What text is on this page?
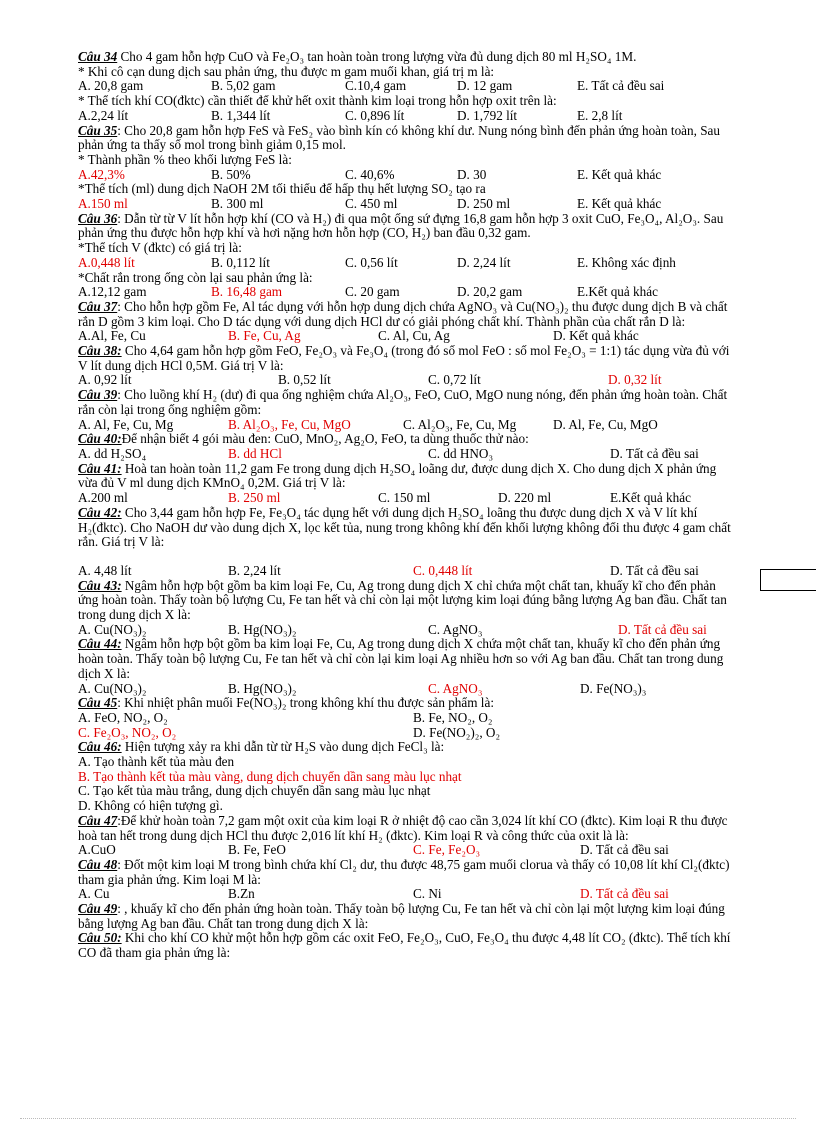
Câu 34 Cho 4 gam hỗn hợp CuO và Fe₂O₃ tan hoàn toàn trong lượng vừa đủ dung dịch 80 ml H₂SO₄ 1M.

* Khi cô cạn dung dịch sau phản ứng, thu được m gam muối khan, giá trị m là:

A. 20,8 gam	B. 5,02 gam	C.10,4 gam	D. 12 gam	E. Tất cả đều sai

* Thể tích khí CO(đktc) cần thiết để khử hết oxit thành kim loại trong hỗn hợp oxit trên là:

A.2,24 lít	B. 1,344 lít	C. 0,896 lít	D. 1,792 lít	E. 2,8 lít

Câu 35: Cho 20,8 gam hỗn hợp FeS và FeS₂ vào bình kín có không khí dư. Nung nóng bình đến phản ứng hoàn toàn, Sau phản ứng ta thấy số mol trong bình giảm 0,15 mol.

* Thành phần % theo khối lượng FeS là:

A.42,3%	B. 50%	C. 40,6%	D. 30	E. Kết quả khác

*Thể tích (ml) dung dịch NaOH 2M tối thiểu để hấp thụ hết lượng SO₂ tạo ra

A.150 ml	B. 300 ml	C. 450 ml	D. 250 ml	E. Kết quả khác

Câu 36: Dẫn từ từ V lít hỗn hợp khí (CO và H₂) đi qua một ống sứ đựng 16,8 gam hỗn hợp 3 oxit CuO, Fe₃O₄, Al₂O₃. Sau phản ứng thu được hỗn hợp khí và hơi nặng hơn hỗn hợp (CO, H₂) ban đầu 0,32 gam.

*Thể tích V (đktc) có giá trị là:

A.0,448 lít	B. 0,112 lít	C. 0,56 lít	D. 2,24 lít	E. Không xác định

*Chất rắn trong ống còn lại sau phản ứng là:

A.12,12 gam	B. 16,48 gam	C. 20 gam	D. 20,2 gam	E.Kết quả khác

Câu 37: Cho hỗn hợp gồm Fe, Al tác dụng với hỗn hợp dung dịch chứa AgNO₃ và Cu(NO₃)₂ thu được dung dịch B và chất rắn D gồm 3 kim loại. Cho D tác dụng với dung dịch HCl dư có giải phóng chất khí. Thành phần của chất rắn D là:

A.Al, Fe, Cu	B. Fe, Cu, Ag	C. Al, Cu, Ag	D. Kết quả khác

Câu 38: Cho 4,64 gam hỗn hợp gồm FeO, Fe₂O₃ và Fe₃O₄ (trong đó số mol FeO : số mol Fe₂O₃ = 1:1) tác dụng vừa đủ với V lít dung dịch HCl 0,5M. Giá trị V là:

A. 0,92 lít	B. 0,52 lít	C. 0,72 lít	D. 0,32 lít

Câu 39: Cho luồng khí H₂ (dư) đi qua ống nghiệm chứa Al₂O₃, FeO, CuO, MgO nung nóng, đến phản ứng hoàn toàn. Chất rắn còn lại trong ống nghiệm gồm:

A. Al, Fe, Cu, Mg	B. Al₂O₃, Fe, Cu, MgO	C. Al₂O₃, Fe, Cu, Mg	D. Al, Fe, Cu, MgO

Câu 40:Để nhận biết 4 gói màu đen: CuO, MnO₂, Ag₂O, FeO, ta dùng thuốc thử nào:

A. dd H₂SO₄	B. dd HCl	C. dd HNO₃	D. Tất cả đều sai

Câu 41: Hoà tan hoàn toàn 11,2 gam Fe trong dung dịch H₂SO₄ loãng dư, được dung dịch X. Cho dung dịch X phản ứng vừa đủ V ml dung dịch KMnO₄ 0,2M. Giá trị V là:

A.200 ml	B. 250 ml	C. 150 ml	D. 220 ml	E.Kết quả khác

Câu 42: Cho 3,44 gam hỗn hợp Fe, Fe₃O₄ tác dụng hết với dung dịch H₂SO₄ loãng thu được dung dịch X và V lít khí H₂(đktc). Cho NaOH dư vào dung dịch X, lọc kết tủa, nung trong không khí đến khối lượng không đổi thu được 4 gam chất rắn. Giá trị V là:

A. 4,48 lít	B. 2,24 lít	C. 0,448 lít	D. Tất cả đều sai

Câu 43: Ngâm hỗn hợp bột gồm ba kim loại Fe, Cu, Ag trong dung dịch X chỉ chứa một chất tan, khuấy kĩ cho đến phản ứng hoàn toàn. Thấy toàn bộ lượng Cu, Fe tan hết và chỉ còn lại một lượng kim loại đúng bằng lượng Ag ban đầu. Chất tan trong dung dịch X là:

A. Cu(NO₃)₂	B. Hg(NO₃)₂	C. AgNO₃	D. Tất cả đều sai

Câu 44: Ngâm hỗn hợp bột gồm ba kim loại Fe, Cu, Ag trong dung dịch X chứa một chất tan, khuấy kĩ cho đến phản ứng hoàn toàn. Thấy toàn bộ lượng Cu, Fe tan hết và chỉ còn lại kim loại Ag nhiều hơn so với Ag ban đầu. Chất tan trong dung dịch X là:

A. Cu(NO₃)₂	B. Hg(NO₃)₂	C. AgNO₃	D. Fe(NO₃)₃

Câu 45: Khi nhiệt phân muối Fe(NO₃)₂ trong không khí thu được sản phẩm là:

A. FeO, NO₂, O₂	B. Fe, NO₂, O₂
C. Fe₂O₃, NO₂, O₂	D. Fe(NO₂)₂, O₂

Câu 46: Hiện tượng xảy ra khi dẫn từ từ H₂S vào dung dịch FeCl₃ là:

A. Tạo thành kết tủa màu đen

B. Tạo thành kết tủa màu vàng, dung dịch chuyển dần sang màu lục nhạt

C. Tạo kết tủa màu trắng, dung dịch chuyển dần sang màu lục nhạt

D. Không có hiện tượng gì.

Câu 47:Để khử hoàn toàn 7,2 gam một oxit của kim loại R ở nhiệt độ cao cần 3,024 lít khí CO (đktc). Kim loại R thu được hoà tan hết trong dung dịch HCl thu được 2,016 lít khí H₂ (đktc). Kim loại R và công thức của oxit là là:

A.CuO	B. Fe, FeO	C. Fe, Fe₂O₃	D. Tất cả đều sai

Câu 48: Đốt một kim loại M trong bình chứa khí Cl₂ dư, thu được 48,75 gam muối clorua và thấy có 10,08 lít khí Cl₂(đktc) tham gia phản ứng. Kim loại M là:

A. Cu	B.Zn	C. Ni	D. Tất cả đều sai

Câu 49: , khuấy kĩ cho đến phản ứng hoàn toàn. Thấy toàn bộ lượng Cu, Fe tan hết và chỉ còn lại một lượng kim loại đúng bằng lượng Ag ban đầu. Chất tan trong dung dịch X là:

Câu 50: Khi cho khí CO khử một hỗn hợp gồm các oxit FeO, Fe₂O₃, CuO, Fe₃O₄ thu được 4,48 lít CO₂ (đktc). Thể tích khí CO đã tham gia phản ứng là:
